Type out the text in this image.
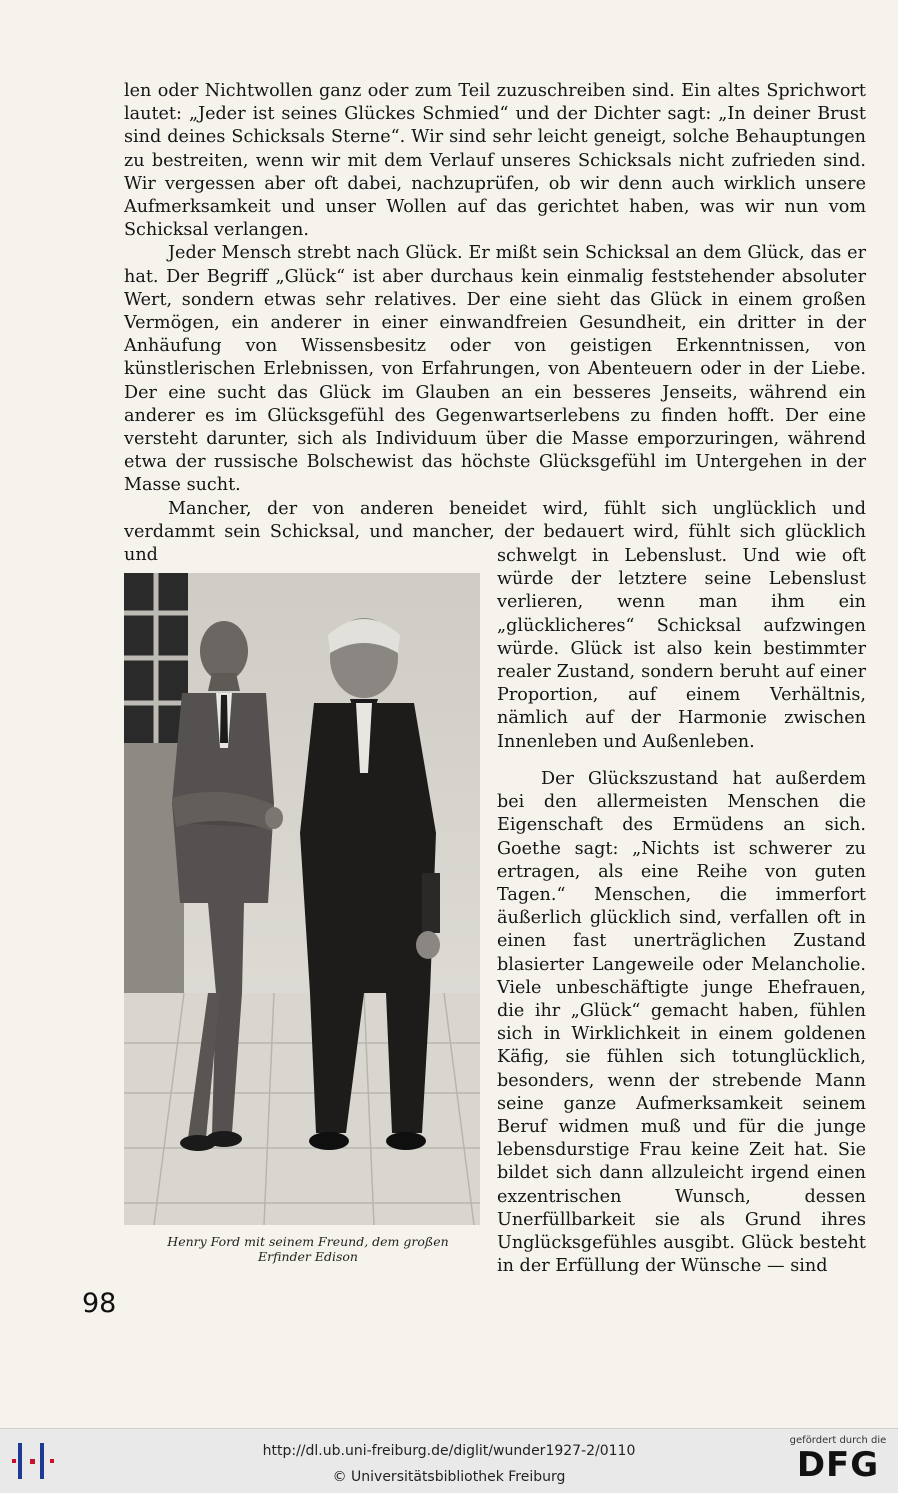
len oder Nichtwollen ganz oder zum Teil zuzuschreiben sind. Ein altes Sprichwort lautet: „Jeder ist seines Glückes Schmied“ und der Dichter sagt: „In deiner Brust sind deines Schicksals Sterne“. Wir sind sehr leicht geneigt, solche Behauptungen zu bestreiten, wenn wir mit dem Verlauf unseres Schicksals nicht zufrieden sind. Wir vergessen aber oft dabei, nachzuprüfen, ob wir denn auch wirklich unsere Aufmerksamkeit und unser Wollen auf das gerichtet haben, was wir nun vom Schicksal verlangen.

Jeder Mensch strebt nach Glück. Er mißt sein Schicksal an dem Glück, das er hat. Der Begriff „Glück“ ist aber durchaus kein einmalig feststehender absoluter Wert, sondern etwas sehr relatives. Der eine sieht das Glück in einem großen Vermögen, ein anderer in einer einwandfreien Gesundheit, ein dritter in der Anhäufung von Wissensbesitz oder von geistigen Erkenntnissen, von künstlerischen Erlebnissen, von Erfahrungen, von Abenteuern oder in der Liebe. Der eine sucht das Glück im Glauben an ein besseres Jenseits, während ein anderer es im Glücksgefühl des Gegenwartserlebens zu finden hofft. Der eine versteht darunter, sich als Individuum über die Masse emporzuringen, während etwa der russische Bolschewist das höchste Glücksgefühl im Untergehen in der Masse sucht.

Mancher, der von anderen beneidet wird, fühlt sich unglücklich und verdammt sein Schicksal, und mancher, der bedauert wird, fühlt sich glücklich und

Henry Ford mit seinem Freund, dem großen
Erfinder Edison

schwelgt in Lebenslust. Und wie oft würde der letztere seine Lebenslust verlieren, wenn man ihm ein „glücklicheres“ Schicksal aufzwingen würde. Glück ist also kein bestimmter realer Zustand, sondern beruht auf einer Proportion, auf einem Verhältnis, nämlich auf der Harmonie zwischen Innenleben und Außenleben.

Der Glückszustand hat außerdem bei den allermeisten Menschen die Eigenschaft des Ermüdens an sich. Goethe sagt: „Nichts ist schwerer zu ertragen, als eine Reihe von guten Tagen.“ Menschen, die immerfort äußerlich glücklich sind, verfallen oft in einen fast unerträglichen Zustand blasierter Langeweile oder Melancholie. Viele unbeschäftigte junge Ehefrauen, die ihr „Glück“ gemacht haben, fühlen sich in Wirklichkeit in einem goldenen Käfig, sie fühlen sich totunglücklich, besonders, wenn der strebende Mann seine ganze Aufmerksamkeit seinem Beruf widmen muß und für die junge lebensdurstige Frau keine Zeit hat. Sie bildet sich dann allzuleicht irgend einen exzentrischen Wunsch, dessen Unerfüllbarkeit sie als Grund ihres Unglücksgefühles ausgibt. Glück besteht in der Erfüllung der Wünsche — sind

98
http://dl.ub.uni-freiburg.de/diglit/wunder1927-2/0110
© Universitätsbibliothek Freiburg
gefördert durch die
DFG
